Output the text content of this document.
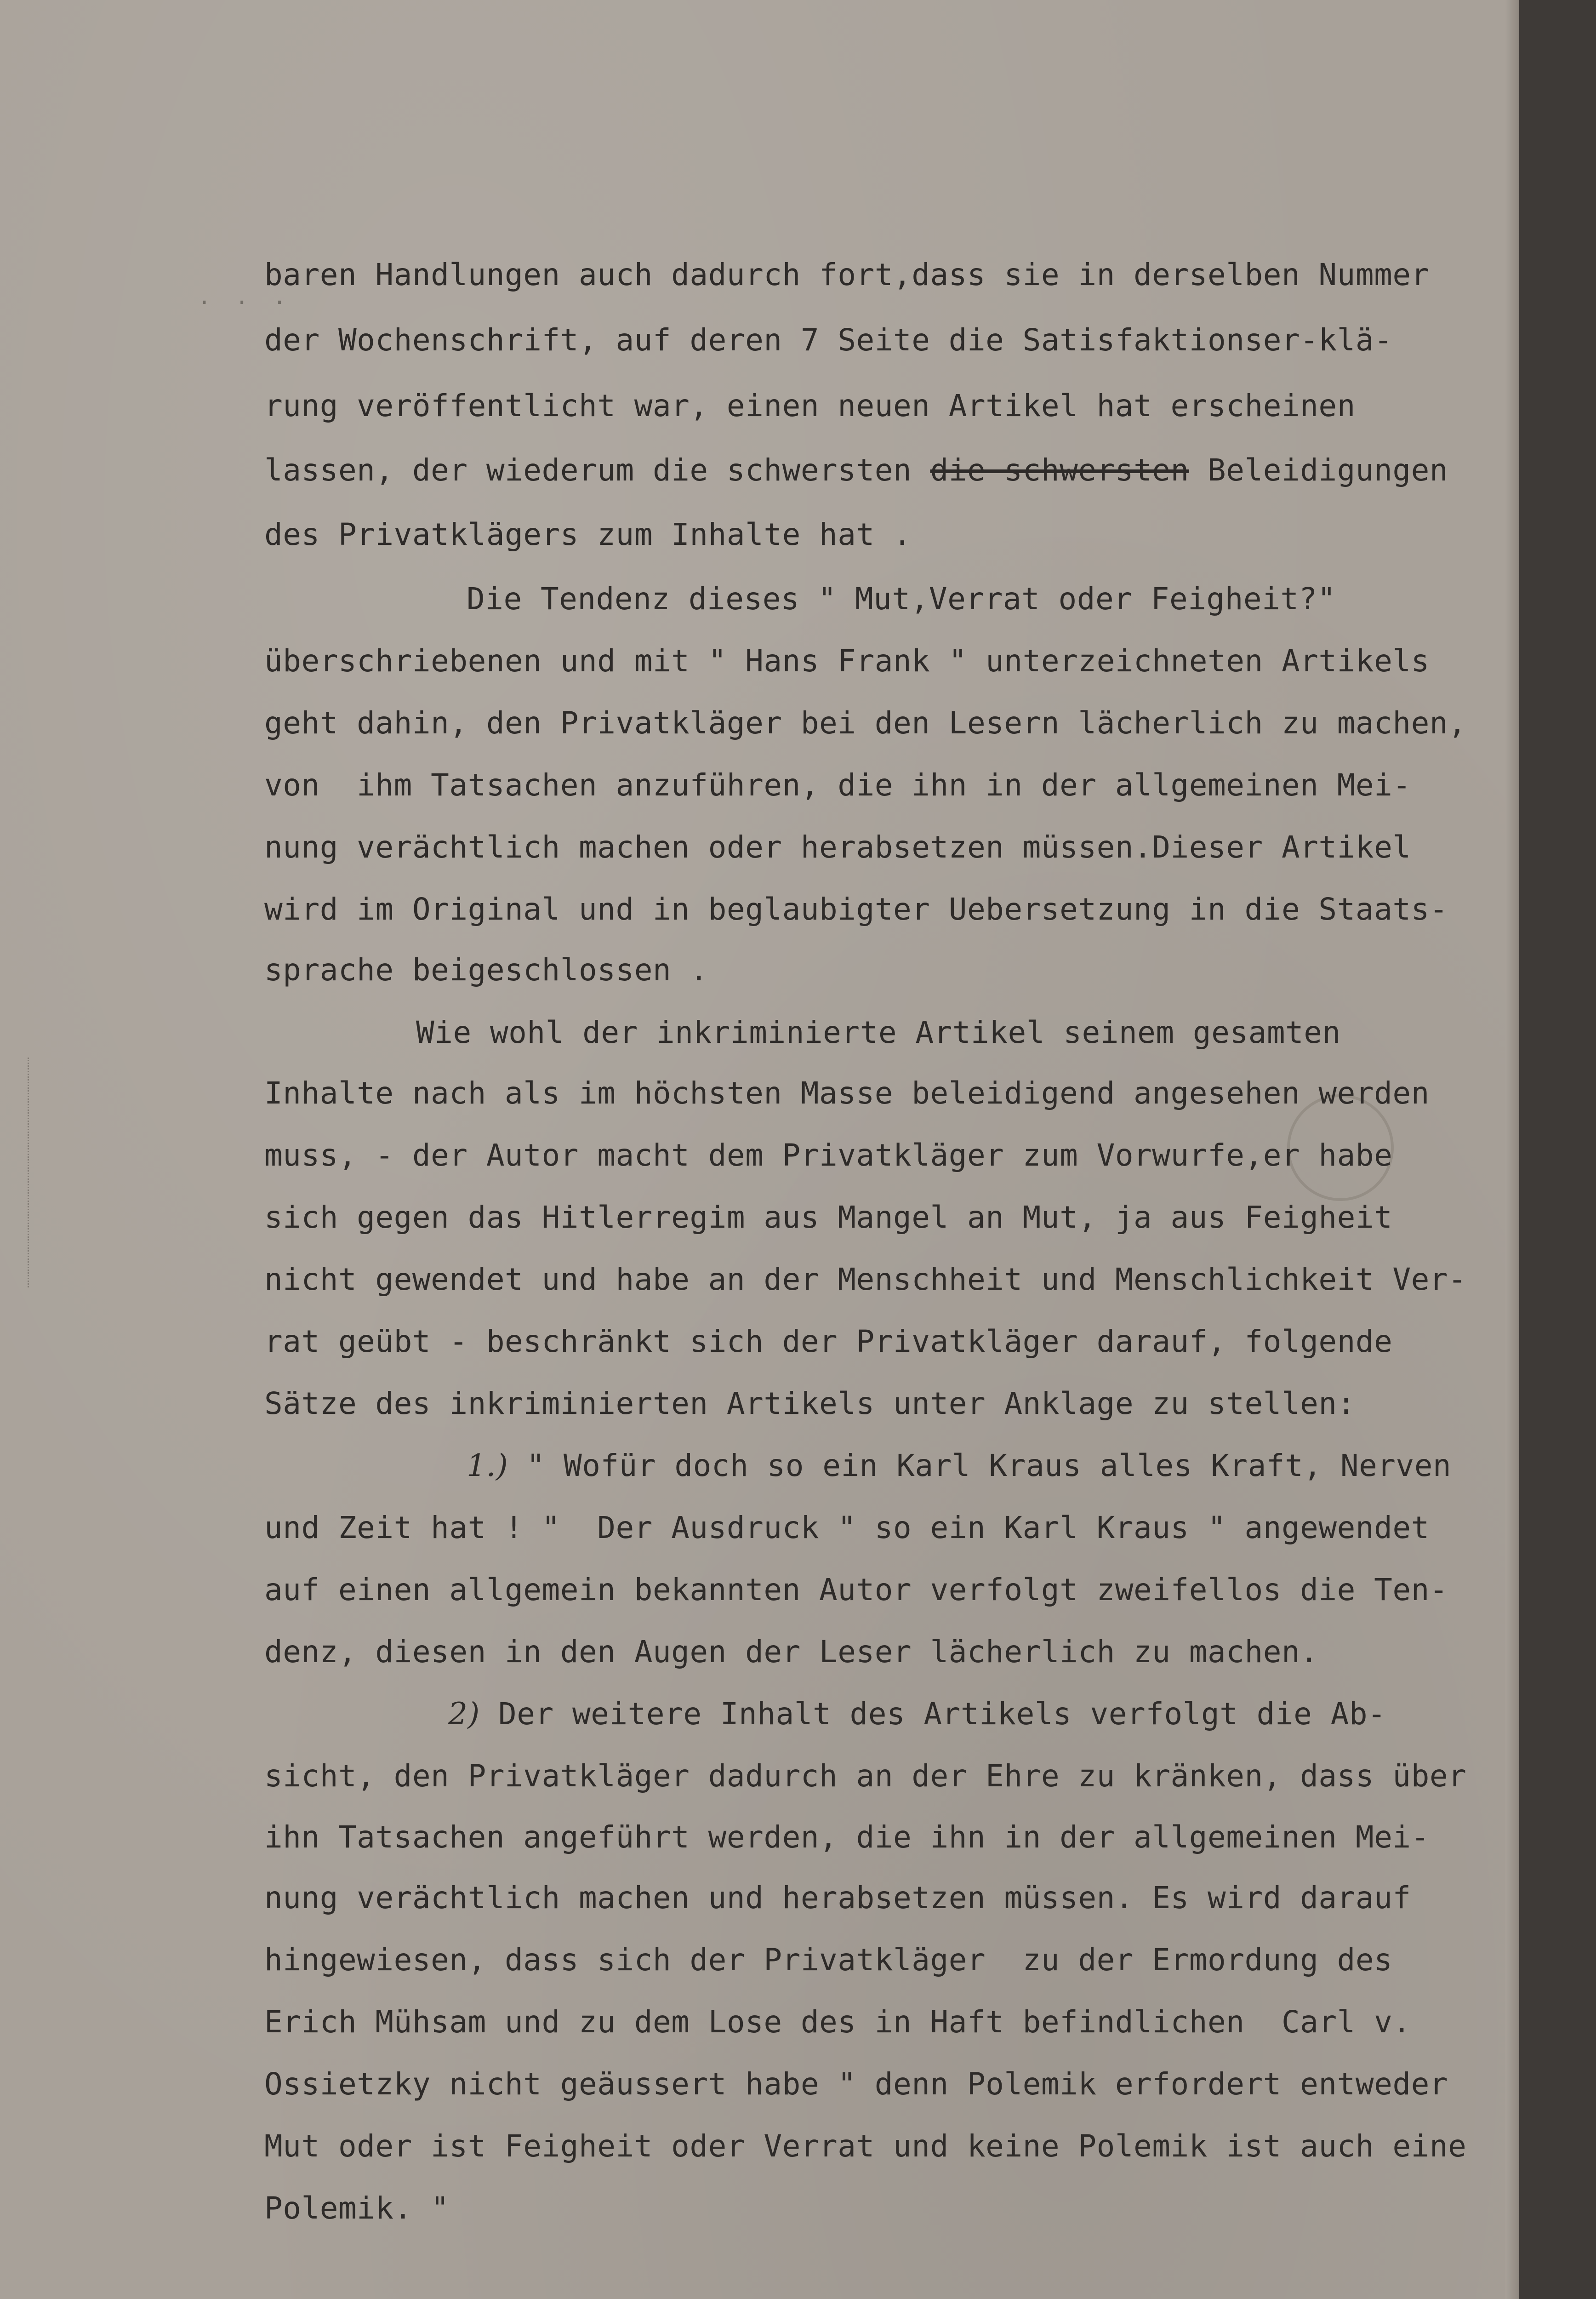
· · ·
baren Handlungen auch dadurch fort,dass sie in derselben Nummer
der Wochenschrift, auf deren 7 Seite die Satisfaktionser-klä-
rung veröffentlicht war, einen neuen Artikel hat erscheinen
lassen, der wiederum die schwersten die schwersten Beleidigungen
des Privatklägers zum Inhalte hat .
Die Tendenz dieses " Mut,Verrat oder Feigheit?"
überschriebenen und mit " Hans Frank " unterzeichneten Artikels
geht dahin, den Privatkläger bei den Lesern lächerlich zu machen,
von  ihm Tatsachen anzuführen, die ihn in der allgemeinen Mei-
nung verächtlich machen oder herabsetzen müssen.Dieser Artikel
wird im Original und in beglaubigter Uebersetzung in die Staats-
sprache beigeschlossen .
Wie wohl der inkriminierte Artikel seinem gesamten
Inhalte nach als im höchsten Masse beleidigend angesehen werden
muss, - der Autor macht dem Privatkläger zum Vorwurfe,er habe
sich gegen das Hitlerregim aus Mangel an Mut, ja aus Feigheit
nicht gewendet und habe an der Menschheit und Menschlichkeit Ver-
rat geübt - beschränkt sich der Privatkläger darauf, folgende
Sätze des inkriminierten Artikels unter Anklage zu stellen:
1.) " Wofür doch so ein Karl Kraus alles Kraft, Nerven
und Zeit hat ! "  Der Ausdruck " so ein Karl Kraus " angewendet
auf einen allgemein bekannten Autor verfolgt zweifellos die Ten-
denz, diesen in den Augen der Leser lächerlich zu machen.
2) Der weitere Inhalt des Artikels verfolgt die Ab-
sicht, den Privatkläger dadurch an der Ehre zu kränken, dass über
ihn Tatsachen angeführt werden, die ihn in der allgemeinen Mei-
nung verächtlich machen und herabsetzen müssen. Es wird darauf
hingewiesen, dass sich der Privatkläger  zu der Ermordung des
Erich Mühsam und zu dem Lose des in Haft befindlichen  Carl v.
Ossietzky nicht geäussert habe " denn Polemik erfordert entweder
Mut oder ist Feigheit oder Verrat und keine Polemik ist auch eine
Polemik. "
